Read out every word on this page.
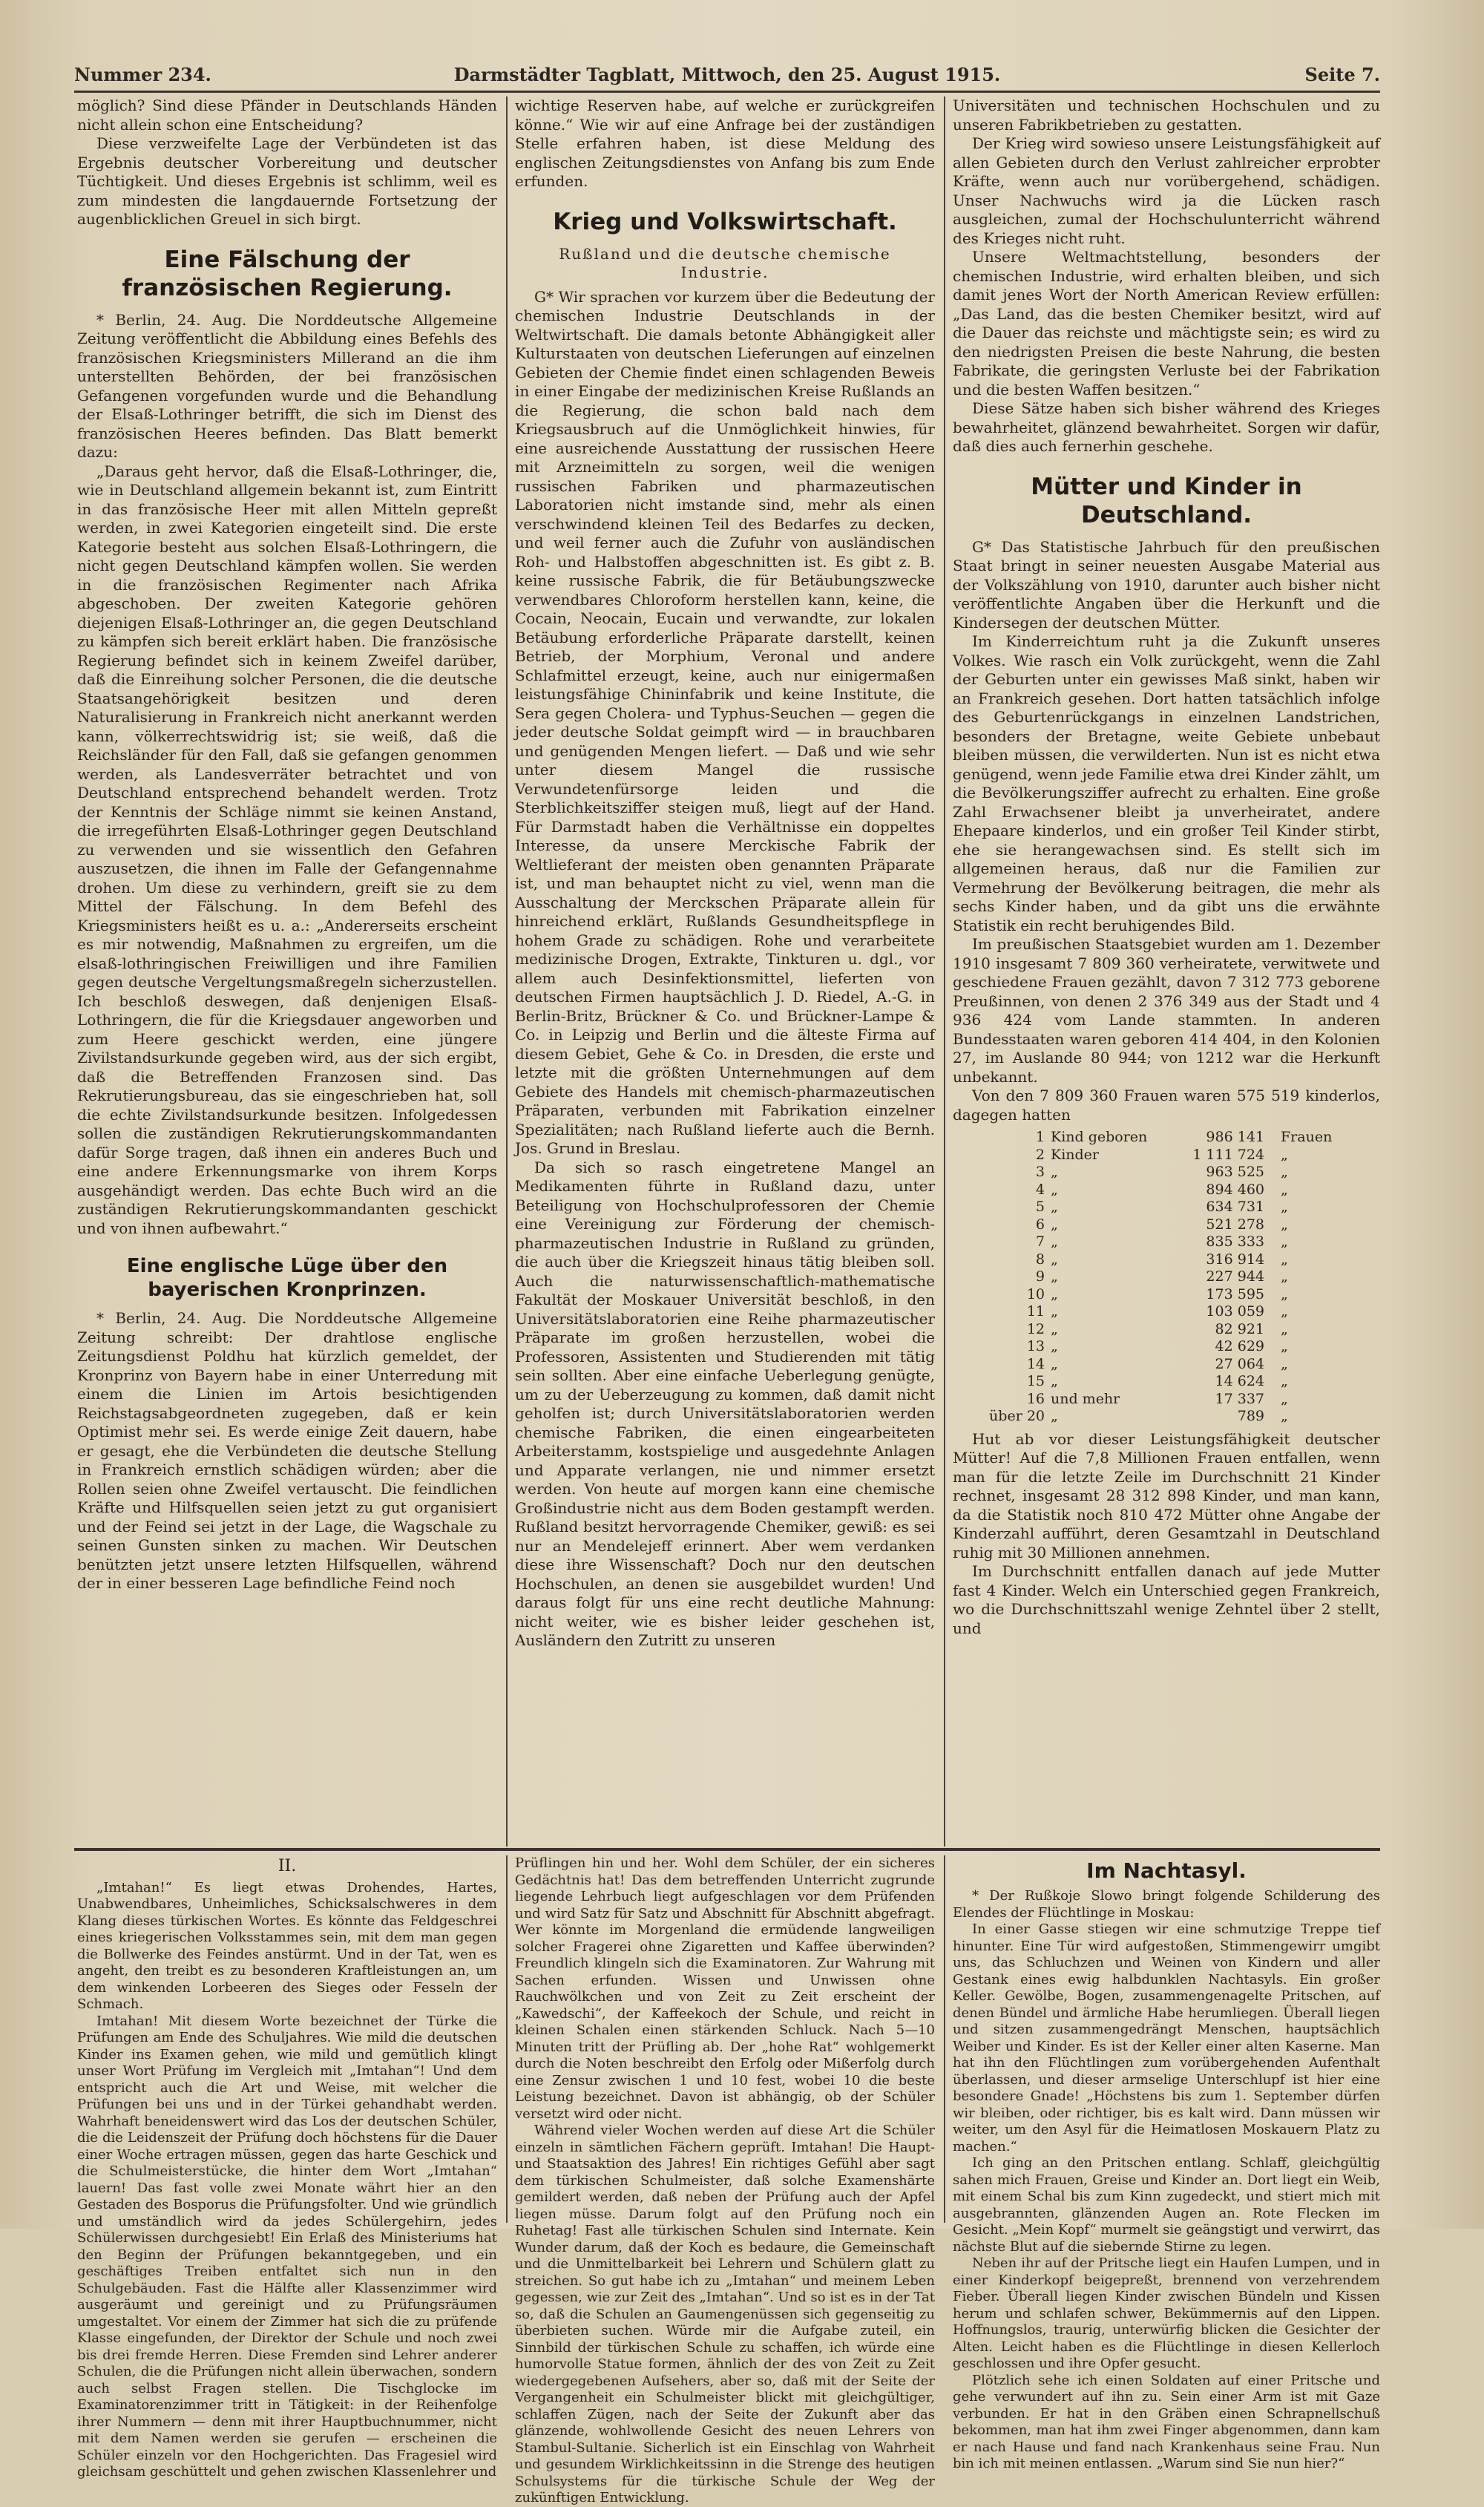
Nummer 234.	Darmstädter Tagblatt, Mittwoch, den 25. August 1915.	Seite 7.

möglich? Sind diese Pfänder in Deutschlands Händen nicht allein schon eine Entscheidung?

Diese verzweifelte Lage der Verbündeten ist das Ergebnis deutscher Vorbereitung und deutscher Tüchtigkeit. Und dieses Ergebnis ist schlimm, weil es zum mindesten die langdauernde Fortsetzung der augenblicklichen Greuel in sich birgt.

Eine Fälschung der französischen Regierung.

* Berlin, 24. Aug. Die Norddeutsche Allgemeine Zeitung veröffentlicht die Abbildung eines Befehls des französischen Kriegsministers Millerand an die ihm unterstellten Behörden, der bei französischen Gefangenen vorgefunden wurde und die Behandlung der Elsaß-Lothringer betrifft, die sich im Dienst des französischen Heeres befinden. Das Blatt bemerkt dazu:

„Daraus geht hervor, daß die Elsaß-Lothringer, die, wie in Deutschland allgemein bekannt ist, zum Eintritt in das französische Heer mit allen Mitteln gepreßt werden, in zwei Kategorien eingeteilt sind. Die erste Kategorie besteht aus solchen Elsaß-Lothringern, die nicht gegen Deutschland kämpfen wollen. Sie werden in die französischen Regimenter nach Afrika abgeschoben. Der zweiten Kategorie gehören diejenigen Elsaß-Lothringer an, die gegen Deutschland zu kämpfen sich bereit erklärt haben. Die französische Regierung befindet sich in keinem Zweifel darüber, daß die Einreihung solcher Personen, die die deutsche Staatsangehörigkeit besitzen und deren Naturalisierung in Frankreich nicht anerkannt werden kann, völkerrechtswidrig ist; sie weiß, daß die Reichsländer für den Fall, daß sie gefangen genommen werden, als Landesverräter betrachtet und von Deutschland entsprechend behandelt werden. Trotz der Kenntnis der Schläge nimmt sie keinen Anstand, die irregeführten Elsaß-Lothringer gegen Deutschland zu verwenden und sie wissentlich den Gefahren auszusetzen, die ihnen im Falle der Gefangennahme drohen. Um diese zu verhindern, greift sie zu dem Mittel der Fälschung. In dem Befehl des Kriegsministers heißt es u. a.: „Andererseits erscheint es mir notwendig, Maßnahmen zu ergreifen, um die elsaß-lothringischen Freiwilligen und ihre Familien gegen deutsche Vergeltungsmaßregeln sicherzustellen. Ich beschloß deswegen, daß denjenigen Elsaß-Lothringern, die für die Kriegsdauer angeworben und zum Heere geschickt werden, eine jüngere Zivilstandsurkunde gegeben wird, aus der sich ergibt, daß die Betreffenden Franzosen sind. Das Rekrutierungsbureau, das sie eingeschrieben hat, soll die echte Zivilstandsurkunde besitzen. Infolgedessen sollen die zuständigen Rekrutierungskommandanten dafür Sorge tragen, daß ihnen ein anderes Buch und eine andere Erkennungsmarke von ihrem Korps ausgehändigt werden. Das echte Buch wird an die zuständigen Rekrutierungskommandanten geschickt und von ihnen aufbewahrt.“

Eine englische Lüge über den bayerischen Kronprinzen.

* Berlin, 24. Aug. Die Norddeutsche Allgemeine Zeitung schreibt: Der drahtlose englische Zeitungsdienst Poldhu hat kürzlich gemeldet, der Kronprinz von Bayern habe in einer Unterredung mit einem die Linien im Artois besichtigenden Reichstagsabgeordneten zugegeben, daß er kein Optimist mehr sei. Es werde einige Zeit dauern, habe er gesagt, ehe die Verbündeten die deutsche Stellung in Frankreich ernstlich schädigen würden; aber die Rollen seien ohne Zweifel vertauscht. Die feindlichen Kräfte und Hilfsquellen seien jetzt zu gut organisiert und der Feind sei jetzt in der Lage, die Wagschale zu seinen Gunsten sinken zu machen. Wir Deutschen benützten jetzt unsere letzten Hilfsquellen, während der in einer besseren Lage befindliche Feind noch

wichtige Reserven habe, auf welche er zurückgreifen könne.“ Wie wir auf eine Anfrage bei der zuständigen Stelle erfahren haben, ist diese Meldung des englischen Zeitungsdienstes von Anfang bis zum Ende erfunden.

Krieg und Volkswirtschaft.
Rußland und die deutsche chemische Industrie.

G* Wir sprachen vor kurzem über die Bedeutung der chemischen Industrie Deutschlands in der Weltwirtschaft. Die damals betonte Abhängigkeit aller Kulturstaaten von deutschen Lieferungen auf einzelnen Gebieten der Chemie findet einen schlagenden Beweis in einer Eingabe der medizinischen Kreise Rußlands an die Regierung, die schon bald nach dem Kriegsausbruch auf die Unmöglichkeit hinwies, für eine ausreichende Ausstattung der russischen Heere mit Arzneimitteln zu sorgen, weil die wenigen russischen Fabriken und pharmazeutischen Laboratorien nicht imstande sind, mehr als einen verschwindend kleinen Teil des Bedarfes zu decken, und weil ferner auch die Zufuhr von ausländischen Roh- und Halbstoffen abgeschnitten ist. Es gibt z. B. keine russische Fabrik, die für Betäubungszwecke verwendbares Chloroform herstellen kann, keine, die Cocain, Neocain, Eucain und verwandte, zur lokalen Betäubung erforderliche Präparate darstellt, keinen Betrieb, der Morphium, Veronal und andere Schlafmittel erzeugt, keine, auch nur einigermaßen leistungsfähige Chininfabrik und keine Institute, die Sera gegen Cholera- und Typhus-Seuchen — gegen die jeder deutsche Soldat geimpft wird — in brauchbaren und genügenden Mengen liefert. — Daß und wie sehr unter diesem Mangel die russische Verwundetenfürsorge leiden und die Sterblichkeitsziffer steigen muß, liegt auf der Hand. Für Darmstadt haben die Verhältnisse ein doppeltes Interesse, da unsere Merckische Fabrik der Weltlieferant der meisten oben genannten Präparate ist, und man behauptet nicht zu viel, wenn man die Ausschaltung der Merckschen Präparate allein für hinreichend erklärt, Rußlands Gesundheitspflege in hohem Grade zu schädigen. Rohe und verarbeitete medizinische Drogen, Extrakte, Tinkturen u. dgl., vor allem auch Desinfektionsmittel, lieferten von deutschen Firmen hauptsächlich J. D. Riedel, A.-G. in Berlin-Britz, Brückner & Co. und Brückner-Lampe & Co. in Leipzig und Berlin und die älteste Firma auf diesem Gebiet, Gehe & Co. in Dresden, die erste und letzte mit die größten Unternehmungen auf dem Gebiete des Handels mit chemisch-pharmazeutischen Präparaten, verbunden mit Fabrikation einzelner Spezialitäten; nach Rußland lieferte auch die Bernh. Jos. Grund in Breslau.

Da sich so rasch eingetretene Mangel an Medikamenten führte in Rußland dazu, unter Beteiligung von Hochschulprofessoren der Chemie eine Vereinigung zur Förderung der chemisch-pharmazeutischen Industrie in Rußland zu gründen, die auch über die Kriegszeit hinaus tätig bleiben soll. Auch die naturwissenschaftlich-mathematische Fakultät der Moskauer Universität beschloß, in den Universitätslaboratorien eine Reihe pharmazeutischer Präparate im großen herzustellen, wobei die Professoren, Assistenten und Studierenden mit tätig sein sollten. Aber eine einfache Ueberlegung genügte, um zu der Ueberzeugung zu kommen, daß damit nicht geholfen ist; durch Universitätslaboratorien werden chemische Fabriken, die einen eingearbeiteten Arbeiterstamm, kostspielige und ausgedehnte Anlagen und Apparate verlangen, nie und nimmer ersetzt werden. Von heute auf morgen kann eine chemische Großindustrie nicht aus dem Boden gestampft werden. Rußland besitzt hervorragende Chemiker, gewiß: es sei nur an Mendelejeff erinnert. Aber wem verdanken diese ihre Wissenschaft? Doch nur den deutschen Hochschulen, an denen sie ausgebildet wurden! Und daraus folgt für uns eine recht deutliche Mahnung: nicht weiter, wie es bisher leider geschehen ist, Ausländern den Zutritt zu unseren

Universitäten und technischen Hochschulen und zu unseren Fabrikbetrieben zu gestatten.

Der Krieg wird sowieso unsere Leistungsfähigkeit auf allen Gebieten durch den Verlust zahlreicher erprobter Kräfte, wenn auch nur vorübergehend, schädigen. Unser Nachwuchs wird ja die Lücken rasch ausgleichen, zumal der Hochschulunterricht während des Krieges nicht ruht.

Unsere Weltmachtstellung, besonders der chemischen Industrie, wird erhalten bleiben, und sich damit jenes Wort der North American Review erfüllen: „Das Land, das die besten Chemiker besitzt, wird auf die Dauer das reichste und mächtigste sein; es wird zu den niedrigsten Preisen die beste Nahrung, die besten Fabrikate, die geringsten Verluste bei der Fabrikation und die besten Waffen besitzen.“

Diese Sätze haben sich bisher während des Krieges bewahrheitet, glänzend bewahrheitet. Sorgen wir dafür, daß dies auch fernerhin geschehe.

Mütter und Kinder in Deutschland.

G* Das Statistische Jahrbuch für den preußischen Staat bringt in seiner neuesten Ausgabe Material aus der Volkszählung von 1910, darunter auch bisher nicht veröffentlichte Angaben über die Herkunft und die Kindersegen der deutschen Mütter.

Im Kinderreichtum ruht ja die Zukunft unseres Volkes. Wie rasch ein Volk zurückgeht, wenn die Zahl der Geburten unter ein gewisses Maß sinkt, haben wir an Frankreich gesehen. Dort hatten tatsächlich infolge des Geburtenrückgangs in einzelnen Landstrichen, besonders der Bretagne, weite Gebiete unbebaut bleiben müssen, die verwilderten. Nun ist es nicht etwa genügend, wenn jede Familie etwa drei Kinder zählt, um die Bevölkerungsziffer aufrecht zu erhalten. Eine große Zahl Erwachsener bleibt ja unverheiratet, andere Ehepaare kinderlos, und ein großer Teil Kinder stirbt, ehe sie herangewachsen sind. Es stellt sich im allgemeinen heraus, daß nur die Familien zur Vermehrung der Bevölkerung beitragen, die mehr als sechs Kinder haben, und da gibt uns die erwähnte Statistik ein recht beruhigendes Bild.

Im preußischen Staatsgebiet wurden am 1. Dezember 1910 insgesamt 7 809 360 verheiratete, verwitwete und geschiedene Frauen gezählt, davon 7 312 773 geborene Preußinnen, von denen 2 376 349 aus der Stadt und 4 936 424 vom Lande stammten. In anderen Bundesstaaten waren geboren 414 404, in den Kolonien 27, im Auslande 80 944; von 1212 war die Herkunft unbekannt.

Von den 7 809 360 Frauen waren 575 519 kinderlos, dagegen hatten

1	Kind geboren	986 141	Frauen
2	Kinder	1 111 724	„
3	„	963 525	„
4	„	894 460	„
5	„	634 731	„
6	„	521 278	„
7	„	835 333	„
8	„	316 914	„
9	„	227 944	„
10	„	173 595	„
11	„	103 059	„
12	„	82 921	„
13	„	42 629	„
14	„	27 064	„
15	„	14 624	„
16	und mehr	17 337	„
über 20	„	789	„

Hut ab vor dieser Leistungsfähigkeit deutscher Mütter! Auf die 7,8 Millionen Frauen entfallen, wenn man für die letzte Zeile im Durchschnitt 21 Kinder rechnet, insgesamt 28 312 898 Kinder, und man kann, da die Statistik noch 810 472 Mütter ohne Angabe der Kinderzahl aufführt, deren Gesamtzahl in Deutschland ruhig mit 30 Millionen annehmen.

Im Durchschnitt entfallen danach auf jede Mutter fast 4 Kinder. Welch ein Unterschied gegen Frankreich, wo die Durchschnittszahl wenige Zehntel über 2 stellt, und

II.

„Imtahan!“ Es liegt etwas Drohendes, Hartes, Unabwendbares, Unheimliches, Schicksalschweres in dem Klang dieses türkischen Wortes. Es könnte das Feldgeschrei eines kriegerischen Volksstammes sein, mit dem man gegen die Bollwerke des Feindes anstürmt. Und in der Tat, wen es angeht, den treibt es zu besonderen Kraftleistungen an, um dem winkenden Lorbeeren des Sieges oder Fesseln der Schmach.

Imtahan! Mit diesem Worte bezeichnet der Türke die Prüfungen am Ende des Schuljahres. Wie mild die deutschen Kinder ins Examen gehen, wie mild und gemütlich klingt unser Wort Prüfung im Vergleich mit „Imtahan“! Und dem entspricht auch die Art und Weise, mit welcher die Prüfungen bei uns und in der Türkei gehandhabt werden. Wahrhaft beneidenswert wird das Los der deutschen Schüler, die die Leidenszeit der Prüfung doch höchstens für die Dauer einer Woche ertragen müssen, gegen das harte Geschick und die Schulmeisterstücke, die hinter dem Wort „Imtahan“ lauern! Das fast volle zwei Monate währt hier an den Gestaden des Bosporus die Prüfungsfolter. Und wie gründlich und umständlich wird da jedes Schülergehirn, jedes Schülerwissen durchgesiebt! Ein Erlaß des Ministeriums hat den Beginn der Prüfungen bekanntgegeben, und ein geschäftiges Treiben entfaltet sich nun in den Schulgebäuden. Fast die Hälfte aller Klassenzimmer wird ausgeräumt und gereinigt und zu Prüfungsräumen umgestaltet. Vor einem der Zimmer hat sich die zu prüfende Klasse eingefunden, der Direktor der Schule und noch zwei bis drei fremde Herren. Diese Fremden sind Lehrer anderer Schulen, die die Prüfungen nicht allein überwachen, sondern auch selbst Fragen stellen. Die Tischglocke im Examinatorenzimmer tritt in Tätigkeit: in der Reihenfolge ihrer Nummern — denn mit ihrer Hauptbuchnummer, nicht mit dem Namen werden sie gerufen — erscheinen die Schüler einzeln vor den Hochgerichten. Das Fragesiel wird gleichsam geschüttelt und gehen zwischen Klassenlehrer und

Prüflingen hin und her. Wohl dem Schüler, der ein sicheres Gedächtnis hat! Das dem betreffenden Unterricht zugrunde liegende Lehrbuch liegt aufgeschlagen vor dem Prüfenden und wird Satz für Satz und Abschnitt für Abschnitt abgefragt. Wer könnte im Morgenland die ermüdende langweiligen solcher Fragerei ohne Zigaretten und Kaffee überwinden? Freundlich klingeln sich die Examinatoren. Zur Wahrung mit Sachen erfunden. Wissen und Unwissen ohne Rauchwölkchen und von Zeit zu Zeit erscheint der „Kawedschi“, der Kaffeekoch der Schule, und reicht in kleinen Schalen einen stärkenden Schluck. Nach 5—10 Minuten tritt der Prüfling ab. Der „hohe Rat“ wohlgemerkt durch die Noten beschreibt den Erfolg oder Mißerfolg durch eine Zensur zwischen 1 und 10 fest, wobei 10 die beste Leistung bezeichnet. Davon ist abhängig, ob der Schüler versetzt wird oder nicht.

Während vieler Wochen werden auf diese Art die Schüler einzeln in sämtlichen Fächern geprüft. Imtahan! Die Haupt- und Staatsaktion des Jahres! Ein richtiges Gefühl aber sagt dem türkischen Schulmeister, daß solche Examenshärte gemildert werden, daß neben der Prüfung auch der Apfel liegen müsse. Darum folgt auf den Prüfung noch ein Ruhetag! Fast alle türkischen Schulen sind Internate. Kein Wunder darum, daß der Koch es bedaure, die Gemeinschaft und die Unmittelbarkeit bei Lehrern und Schülern glatt zu streichen. So gut habe ich zu „Imtahan“ und meinem Leben gegessen, wie zur Zeit des „Imtahan“. Und so ist es in der Tat so, daß die Schulen an Gaumengenüssen sich gegenseitig zu überbieten suchen. Würde mir die Aufgabe zuteil, ein Sinnbild der türkischen Schule zu schaffen, ich würde eine humorvolle Statue formen, ähnlich der des von Zeit zu Zeit wiedergegebenen Aufsehers, aber so, daß mit der Seite der Vergangenheit ein Schulmeister blickt mit gleichgültiger, schlaffen Zügen, nach der Seite der Zukunft aber das glänzende, wohlwollende Gesicht des neuen Lehrers von Stambul-Sultanie. Sicherlich ist ein Einschlag von Wahrheit und gesundem Wirklichkeitssinn in die Strenge des heutigen Schulsystems für die türkische Schule der Weg der zukünftigen Entwicklung.

Im Nachtasyl.

* Der Rußkoje Slowo bringt folgende Schilderung des Elendes der Flüchtlinge in Moskau:

In einer Gasse stiegen wir eine schmutzige Treppe tief hinunter. Eine Tür wird aufgestoßen, Stimmengewirr umgibt uns, das Schluchzen und Weinen von Kindern und aller Gestank eines ewig halbdunklen Nachtasyls. Ein großer Keller. Gewölbe, Bogen, zusammengenagelte Pritschen, auf denen Bündel und ärmliche Habe herumliegen. Überall liegen und sitzen zusammengedrängt Menschen, hauptsächlich Weiber und Kinder. Es ist der Keller einer alten Kaserne. Man hat ihn den Flüchtlingen zum vorübergehenden Aufenthalt überlassen, und dieser armselige Unterschlupf ist hier eine besondere Gnade! „Höchstens bis zum 1. September dürfen wir bleiben, oder richtiger, bis es kalt wird. Dann müssen wir weiter, um den Asyl für die Heimatlosen Moskauern Platz zu machen.“

Ich ging an den Pritschen entlang. Schlaff, gleichgültig sahen mich Frauen, Greise und Kinder an. Dort liegt ein Weib, mit einem Schal bis zum Kinn zugedeckt, und stiert mich mit ausgebrannten, glänzenden Augen an. Rote Flecken im Gesicht. „Mein Kopf“ murmelt sie geängstigt und verwirrt, das nächste Blut auf die siebernde Stirne zu legen.

Neben ihr auf der Pritsche liegt ein Haufen Lumpen, und in einer Kinderkopf beigepreßt, brennend von verzehrendem Fieber. Überall liegen Kinder zwischen Bündeln und Kissen herum und schlafen schwer, Bekümmernis auf den Lippen. Hoffnungslos, traurig, unterwürfig blicken die Gesichter der Alten. Leicht haben es die Flüchtlinge in diesen Kellerloch geschlossen und ihre Opfer gesucht.

Plötzlich sehe ich einen Soldaten auf einer Pritsche und gehe verwundert auf ihn zu. Sein einer Arm ist mit Gaze verbunden. Er hat in den Gräben einen Schrapnellschuß bekommen, man hat ihm zwei Finger abgenommen, dann kam er nach Hause und fand nach Krankenhaus seine Frau. Nun bin ich mit meinen entlassen. „Warum sind Sie nun hier?“
